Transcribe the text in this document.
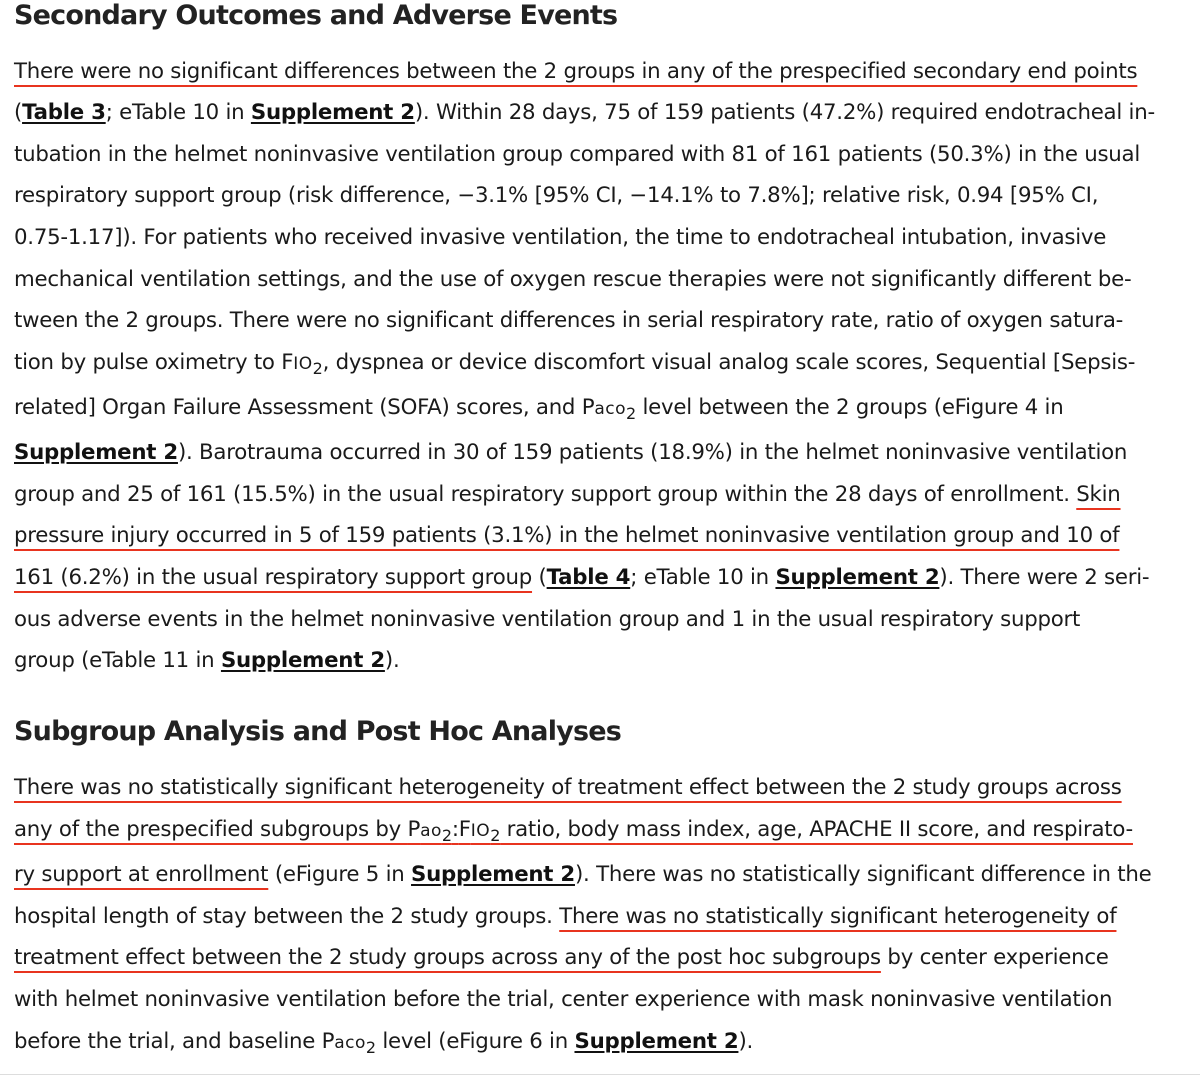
Secondary Outcomes and Adverse Events
There were no significant differences between the 2 groups in any of the prespecified secondary end points
(Table 3; eTable 10 in Supplement 2). Within 28 days, 75 of 159 patients (47.2%) required endotracheal in-
tubation in the helmet noninvasive ventilation group compared with 81 of 161 patients (50.3%) in the usual
respiratory support group (risk difference, −3.1% [95% CI, −14.1% to 7.8%]; relative risk, 0.94 [95% CI,
0.75-1.17]). For patients who received invasive ventilation, the time to endotracheal intubation, invasive
mechanical ventilation settings, and the use of oxygen rescue therapies were not significantly different be-
tween the 2 groups. There were no significant differences in serial respiratory rate, ratio of oxygen satura-
tion by pulse oximetry to $FIO_2$, dyspnea or device discomfort visual analog scale scores, Sequential [Sepsis-
related] Organ Failure Assessment (SOFA) scores, and Paco$_2$ level between the 2 groups (eFigure 4 in
Supplement 2). Barotrauma occurred in 30 of 159 patients (18.9%) in the helmet noninvasive ventilation
group and 25 of 161 (15.5%) in the usual respiratory support group within the 28 days of enrollment. Skin
pressure injury occurred in 5 of 159 patients (3.1%) in the helmet noninvasive ventilation group and 10 of
161 (6.2%) in the usual respiratory support group (Table 4; eTable 10 in Supplement 2). There were 2 seri-
ous adverse events in the helmet noninvasive ventilation group and 1 in the usual respiratory support
group (eTable 11 in Supplement 2).
Subgroup Analysis and Post Hoc Analyses
There was no statistically significant heterogeneity of treatment effect between the 2 study groups across
any of the prespecified subgroups by $Pao_2:FIO_2$ ratio, body mass index, age, APACHE II score, and respirato-
ry support at enrollment (eFigure 5 in Supplement 2). There was no statistically significant difference in the
hospital length of stay between the 2 study groups. There was no statistically significant heterogeneity of
treatment effect between the 2 study groups across any of the post hoc subgroups by center experience
with helmet noninvasive ventilation before the trial, center experience with mask noninvasive ventilation
before the trial, and baseline Paco$_2$ level (eFigure 6 in Supplement 2).
